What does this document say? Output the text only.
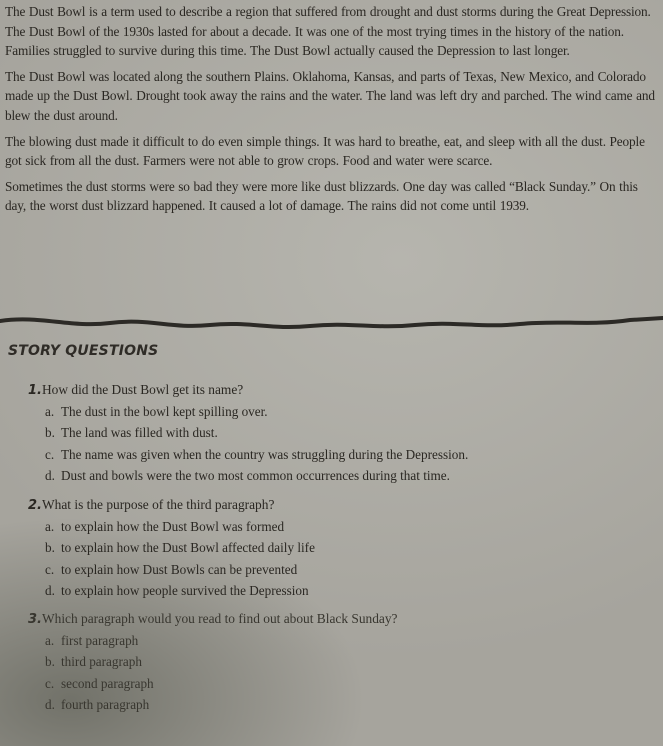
The Dust Bowl is a term used to describe a region that suffered from drought and dust storms during the Great Depression. The Dust Bowl of the 1930s lasted for about a decade. It was one of the most trying times in the history of the nation. Families struggled to survive during this time. The Dust Bowl actually caused the Depression to last longer.

The Dust Bowl was located along the southern Plains. Oklahoma, Kansas, and parts of Texas, New Mexico, and Colorado made up the Dust Bowl. Drought took away the rains and the water. The land was left dry and parched. The wind came and blew the dust around.

The blowing dust made it difficult to do even simple things. It was hard to breathe, eat, and sleep with all the dust. People got sick from all the dust. Farmers were not able to grow crops. Food and water were scarce.

Sometimes the dust storms were so bad they were more like dust blizzards. One day was called “Black Sunday.” On this day, the worst dust blizzard happened. It caused a lot of damage. The rains did not come until 1939.

STORY QUESTIONS

1.How did the Dust Bowl get its name?

a. The dust in the bowl kept spilling over.

b. The land was filled with dust.

c. The name was given when the country was struggling during the Depression.

d. Dust and bowls were the two most common occurrences during that time.

2.What is the purpose of the third paragraph?

a. to explain how the Dust Bowl was formed

b. to explain how the Dust Bowl affected daily life

c. to explain how Dust Bowls can be prevented

d. to explain how people survived the Depression

3.Which paragraph would you read to find out about Black Sunday?

a. first paragraph

b. third paragraph

c. second paragraph

d. fourth paragraph
